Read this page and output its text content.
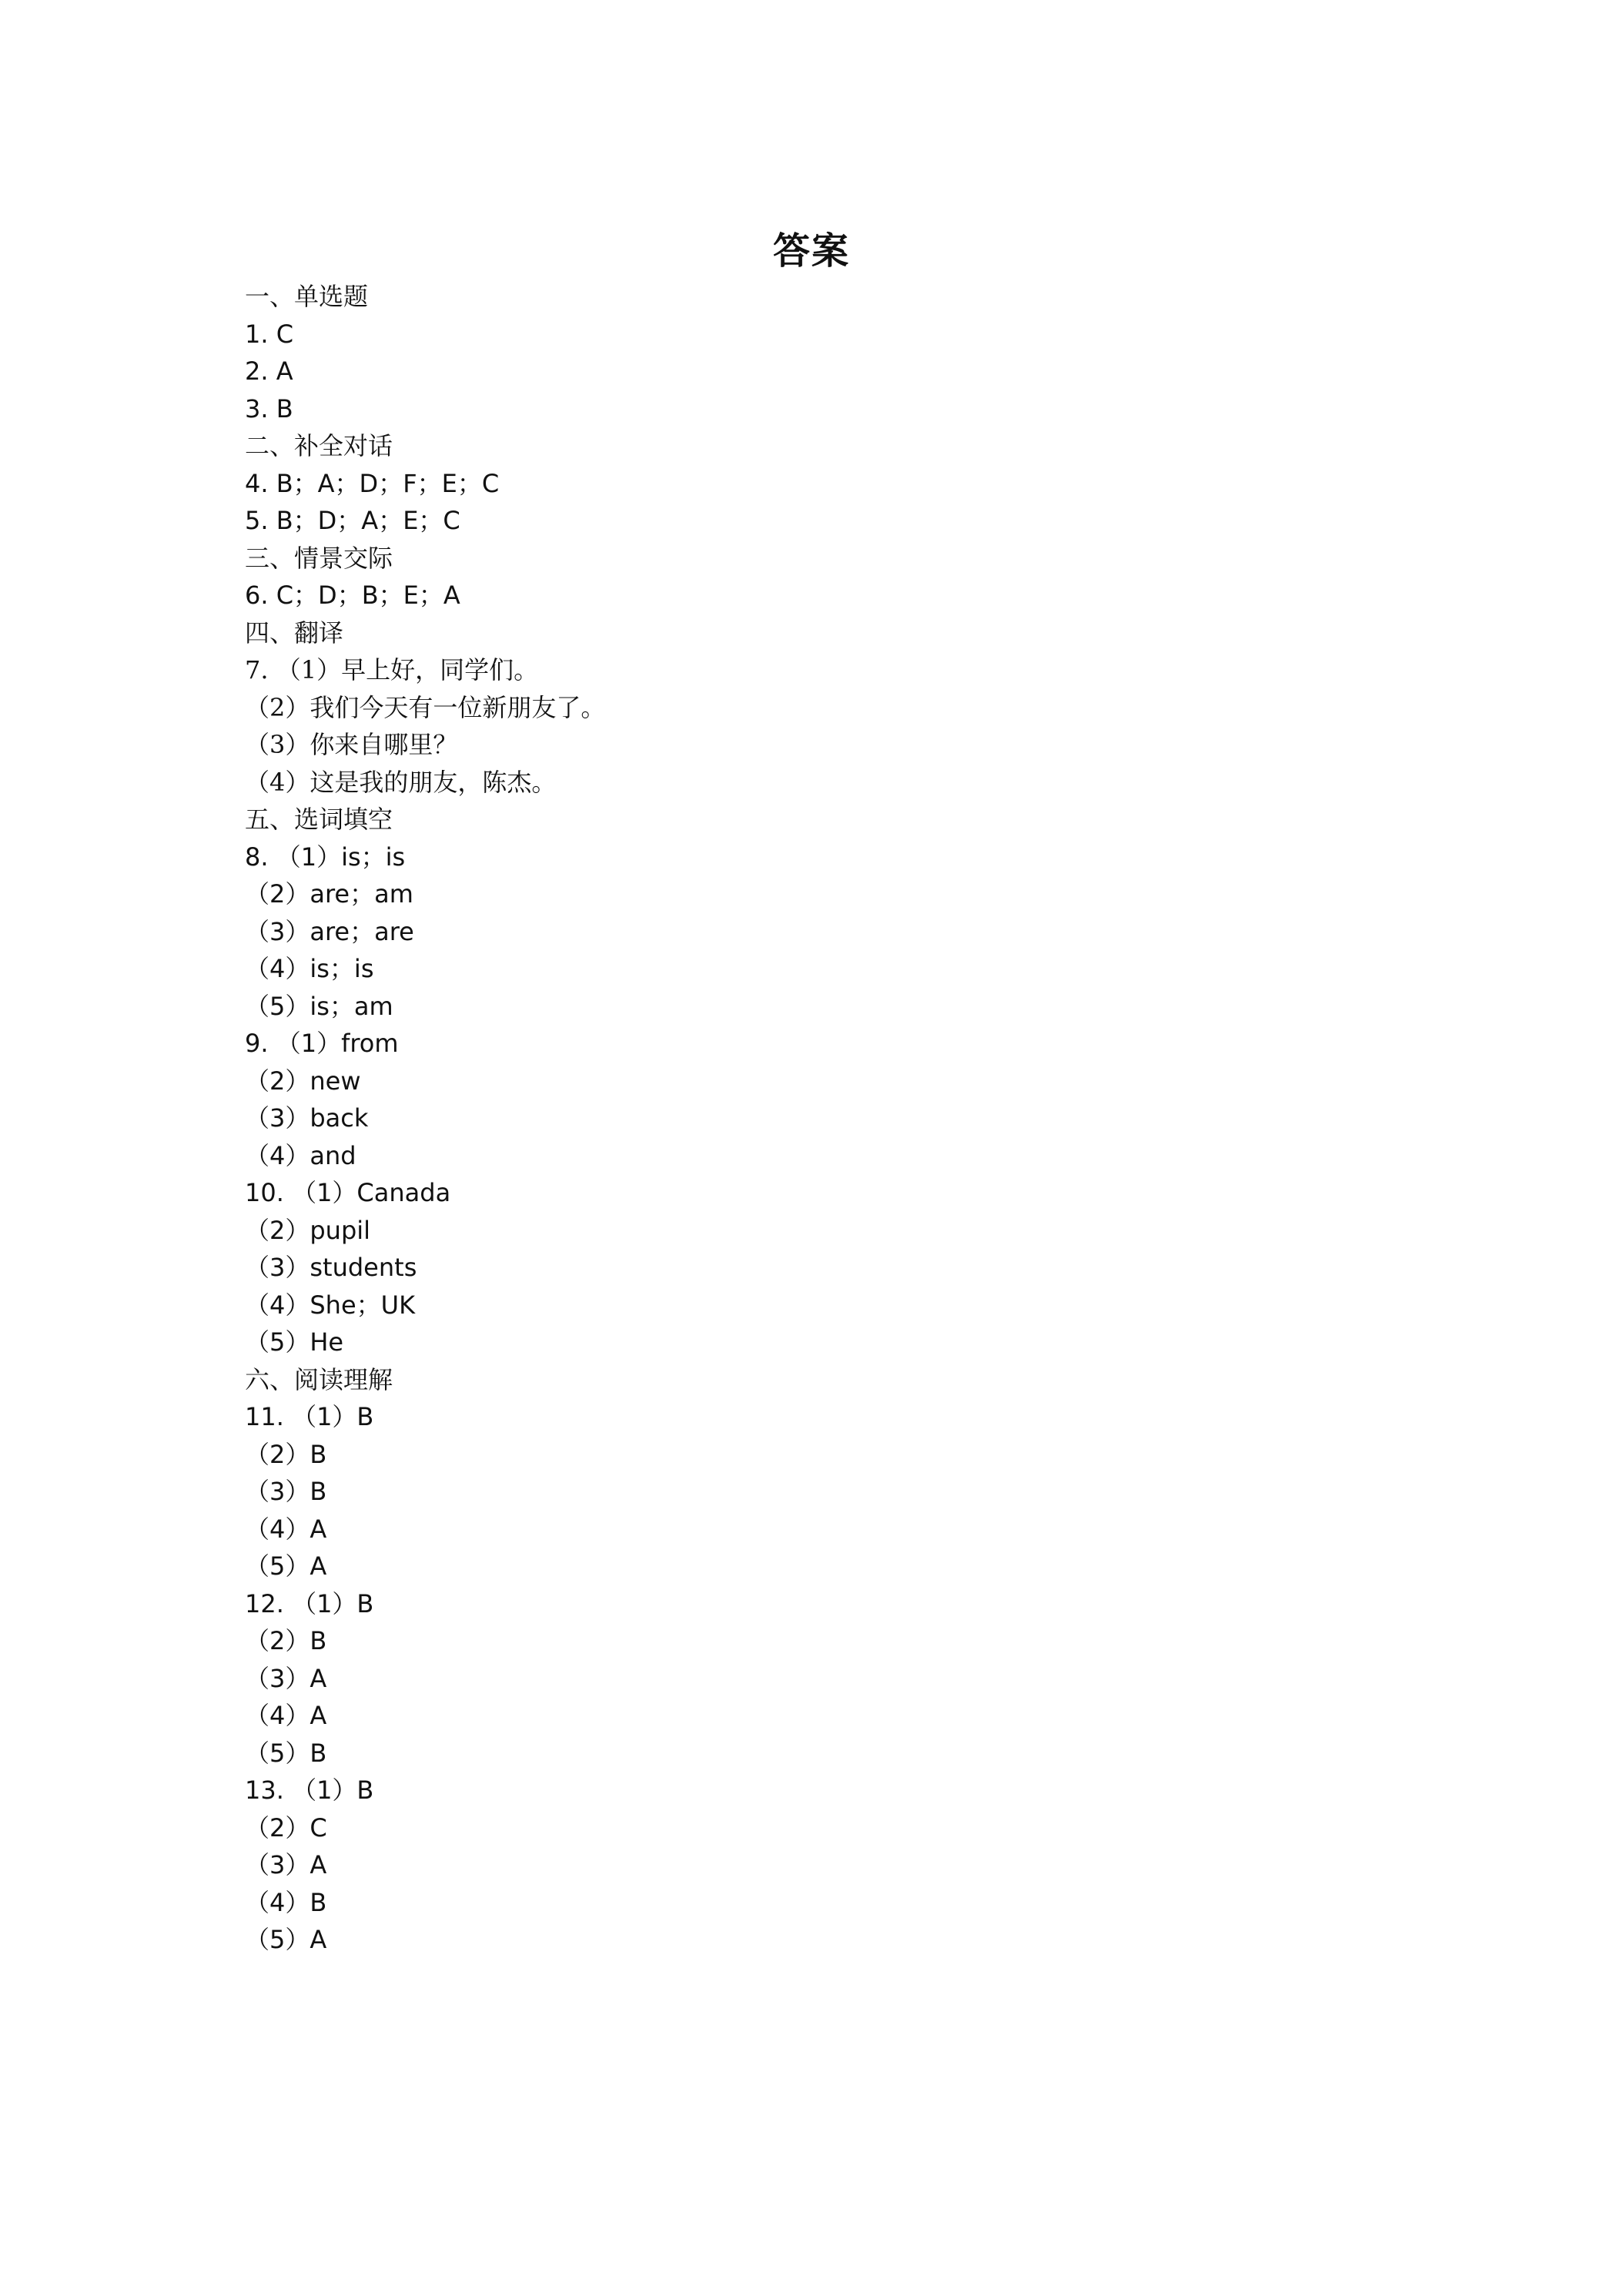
答案
一、单选题
1. C
2. A
3. B
二、补全对话
4. B；A；D；F；E；C
5. B；D；A；E；C
三、情景交际
6. C；D；B；E；A
四、翻译
7. （1）早上好，同学们。
（2）我们今天有一位新朋友了。
（3）你来自哪里？
（4）这是我的朋友，陈杰。
五、选词填空
8. （1）is；is
（2）are；am
（3）are；are
（4）is；is
（5）is；am
9. （1）from
（2）new
（3）back
（4）and
10. （1）Canada
（2）pupil
（3）students
（4）She；UK
（5）He
六、阅读理解
11. （1）B
（2）B
（3）B
（4）A
（5）A
12. （1）B
（2）B
（3）A
（4）A
（5）B
13. （1）B
（2）C
（3）A
（4）B
（5）A
